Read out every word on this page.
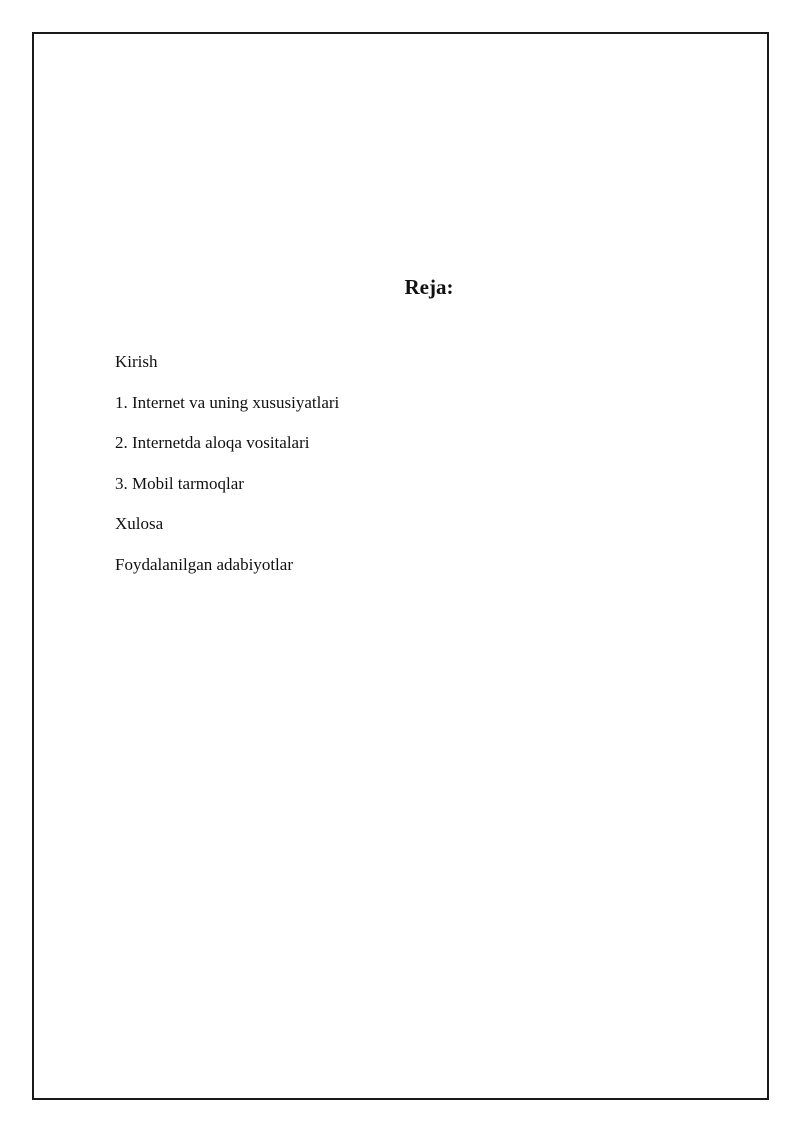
Reja:
Kirish
1. Internet va uning xususiyatlari
2. Internetda aloqa vositalari
3. Mobil tarmoqlar
Xulosa
Foydalanilgan adabiyotlar
